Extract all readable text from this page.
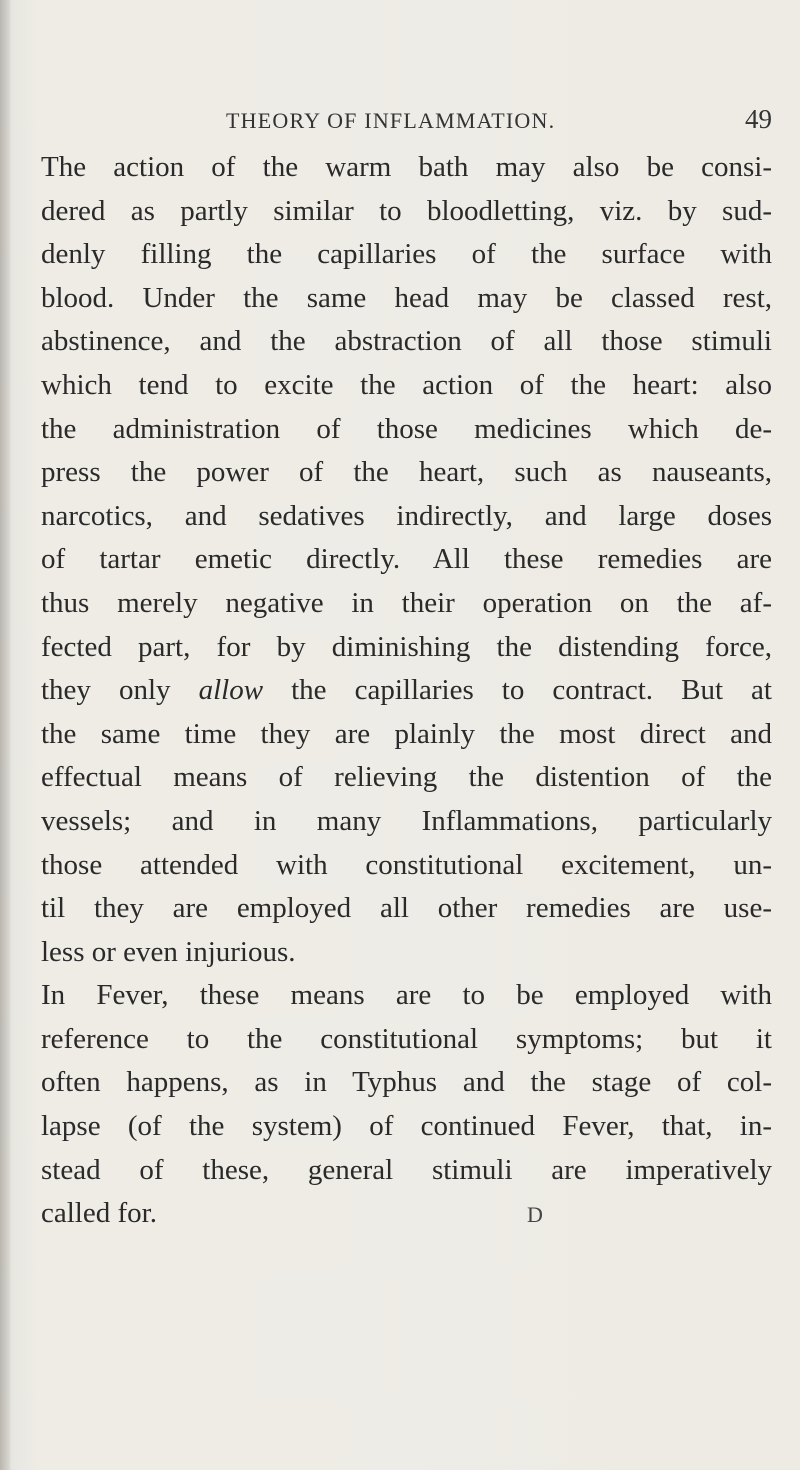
THEORY OF INFLAMMATION.	49
The action of the warm bath may also be consi-
dered as partly similar to bloodletting, viz. by sud-
denly filling the capillaries of the surface with
blood. Under the same head may be classed rest,
abstinence, and the abstraction of all those stimuli
which tend to excite the action of the heart: also
the administration of those medicines which de-
press the power of the heart, such as nauseants,
narcotics, and sedatives indirectly, and large doses
of tartar emetic directly. All these remedies are
thus merely negative in their operation on the af-
fected part, for by diminishing the distending force,
they only allow the capillaries to contract. But at
the same time they are plainly the most direct and
effectual means of relieving the distention of the
vessels; and in many Inflammations, particularly
those attended with constitutional excitement, un-
til they are employed all other remedies are use-
less or even injurious.
In Fever, these means are to be employed with
reference to the constitutional symptoms; but it
often happens, as in Typhus and the stage of col-
lapse (of the system) of continued Fever, that, in-
stead of these, general stimuli are imperatively
called for.	D
